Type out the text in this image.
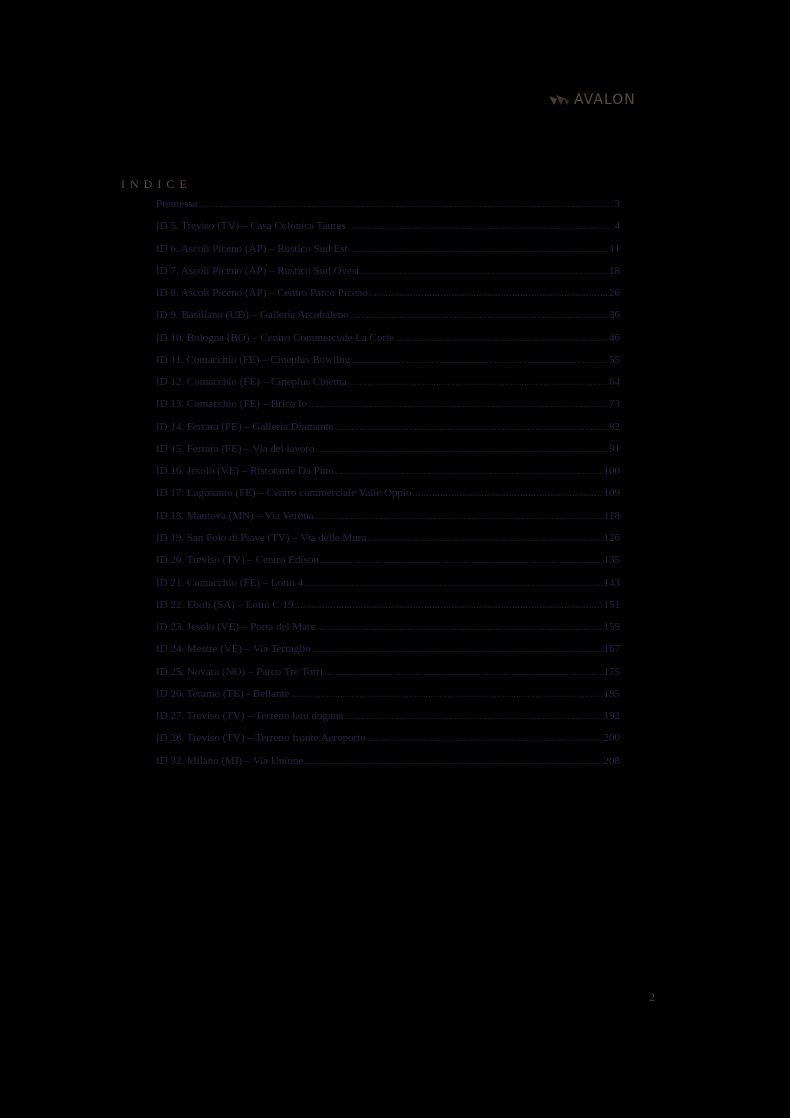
AVALON
INDICE
Premessa .....	3
ID 5. Treviso (TV) – Casa Colonica Tauras .....	4
ID 6. Ascoli Piceno (AP) – Rustico Sud Est .....	11
ID 7. Ascoli Piceno (AP) – Rustico Sud Ovest .....	18
ID 8. Ascoli Piceno (AP) – Centro Parco Piceno .....	26
ID 9. Basiliano (UD) – Galleria Arcobaleno .....	36
ID 10. Bologna (BO) – Centro Commerciale La Corte .....	46
ID 11. Comacchio (FE) – Cineplus Bowling .....	55
ID 12. Comacchio (FE) – Cineplus Cinema .....	64
ID 13. Comacchio (FE) – Brico Io .....	73
ID 14. Ferrara (FE) – Galleria Diamante .....	82
ID 15. Ferrara (FE) – Via del lavoro .....	91
ID 16. Jesolo (VE) – Ristorante Da Pino .....	100
ID 17. Lagosanto (FE) – Centro commerciale Valle Oppio .....	109
ID 18. Mantova (MN) – Via Verona .....	118
ID 19. San Polo di Piave (TV) – Via delle Mura .....	126
ID 20. Treviso (TV) – Centro Edison .....	135
ID 21. Comacchio (FE) – Lotto 4 .....	143
ID 22. Eboli (SA) – Lotto C 19 .....	151
ID 23. Jesolo (VE) – Porta del Mare .....	159
ID 24. Mestre (VE) – Via Terraglio .....	167
ID 25. Novara (NO) – Parco Tre Torri .....	175
ID 26. Teramo (TE) - Bellante .....	185
ID 27. Treviso (TV) – Terreno lato dogana .....	192
ID 28. Treviso (TV) – Terreno fronte Aeroporto .....	200
ID 32. Milano (MI) – Via Unione .....	208
2
